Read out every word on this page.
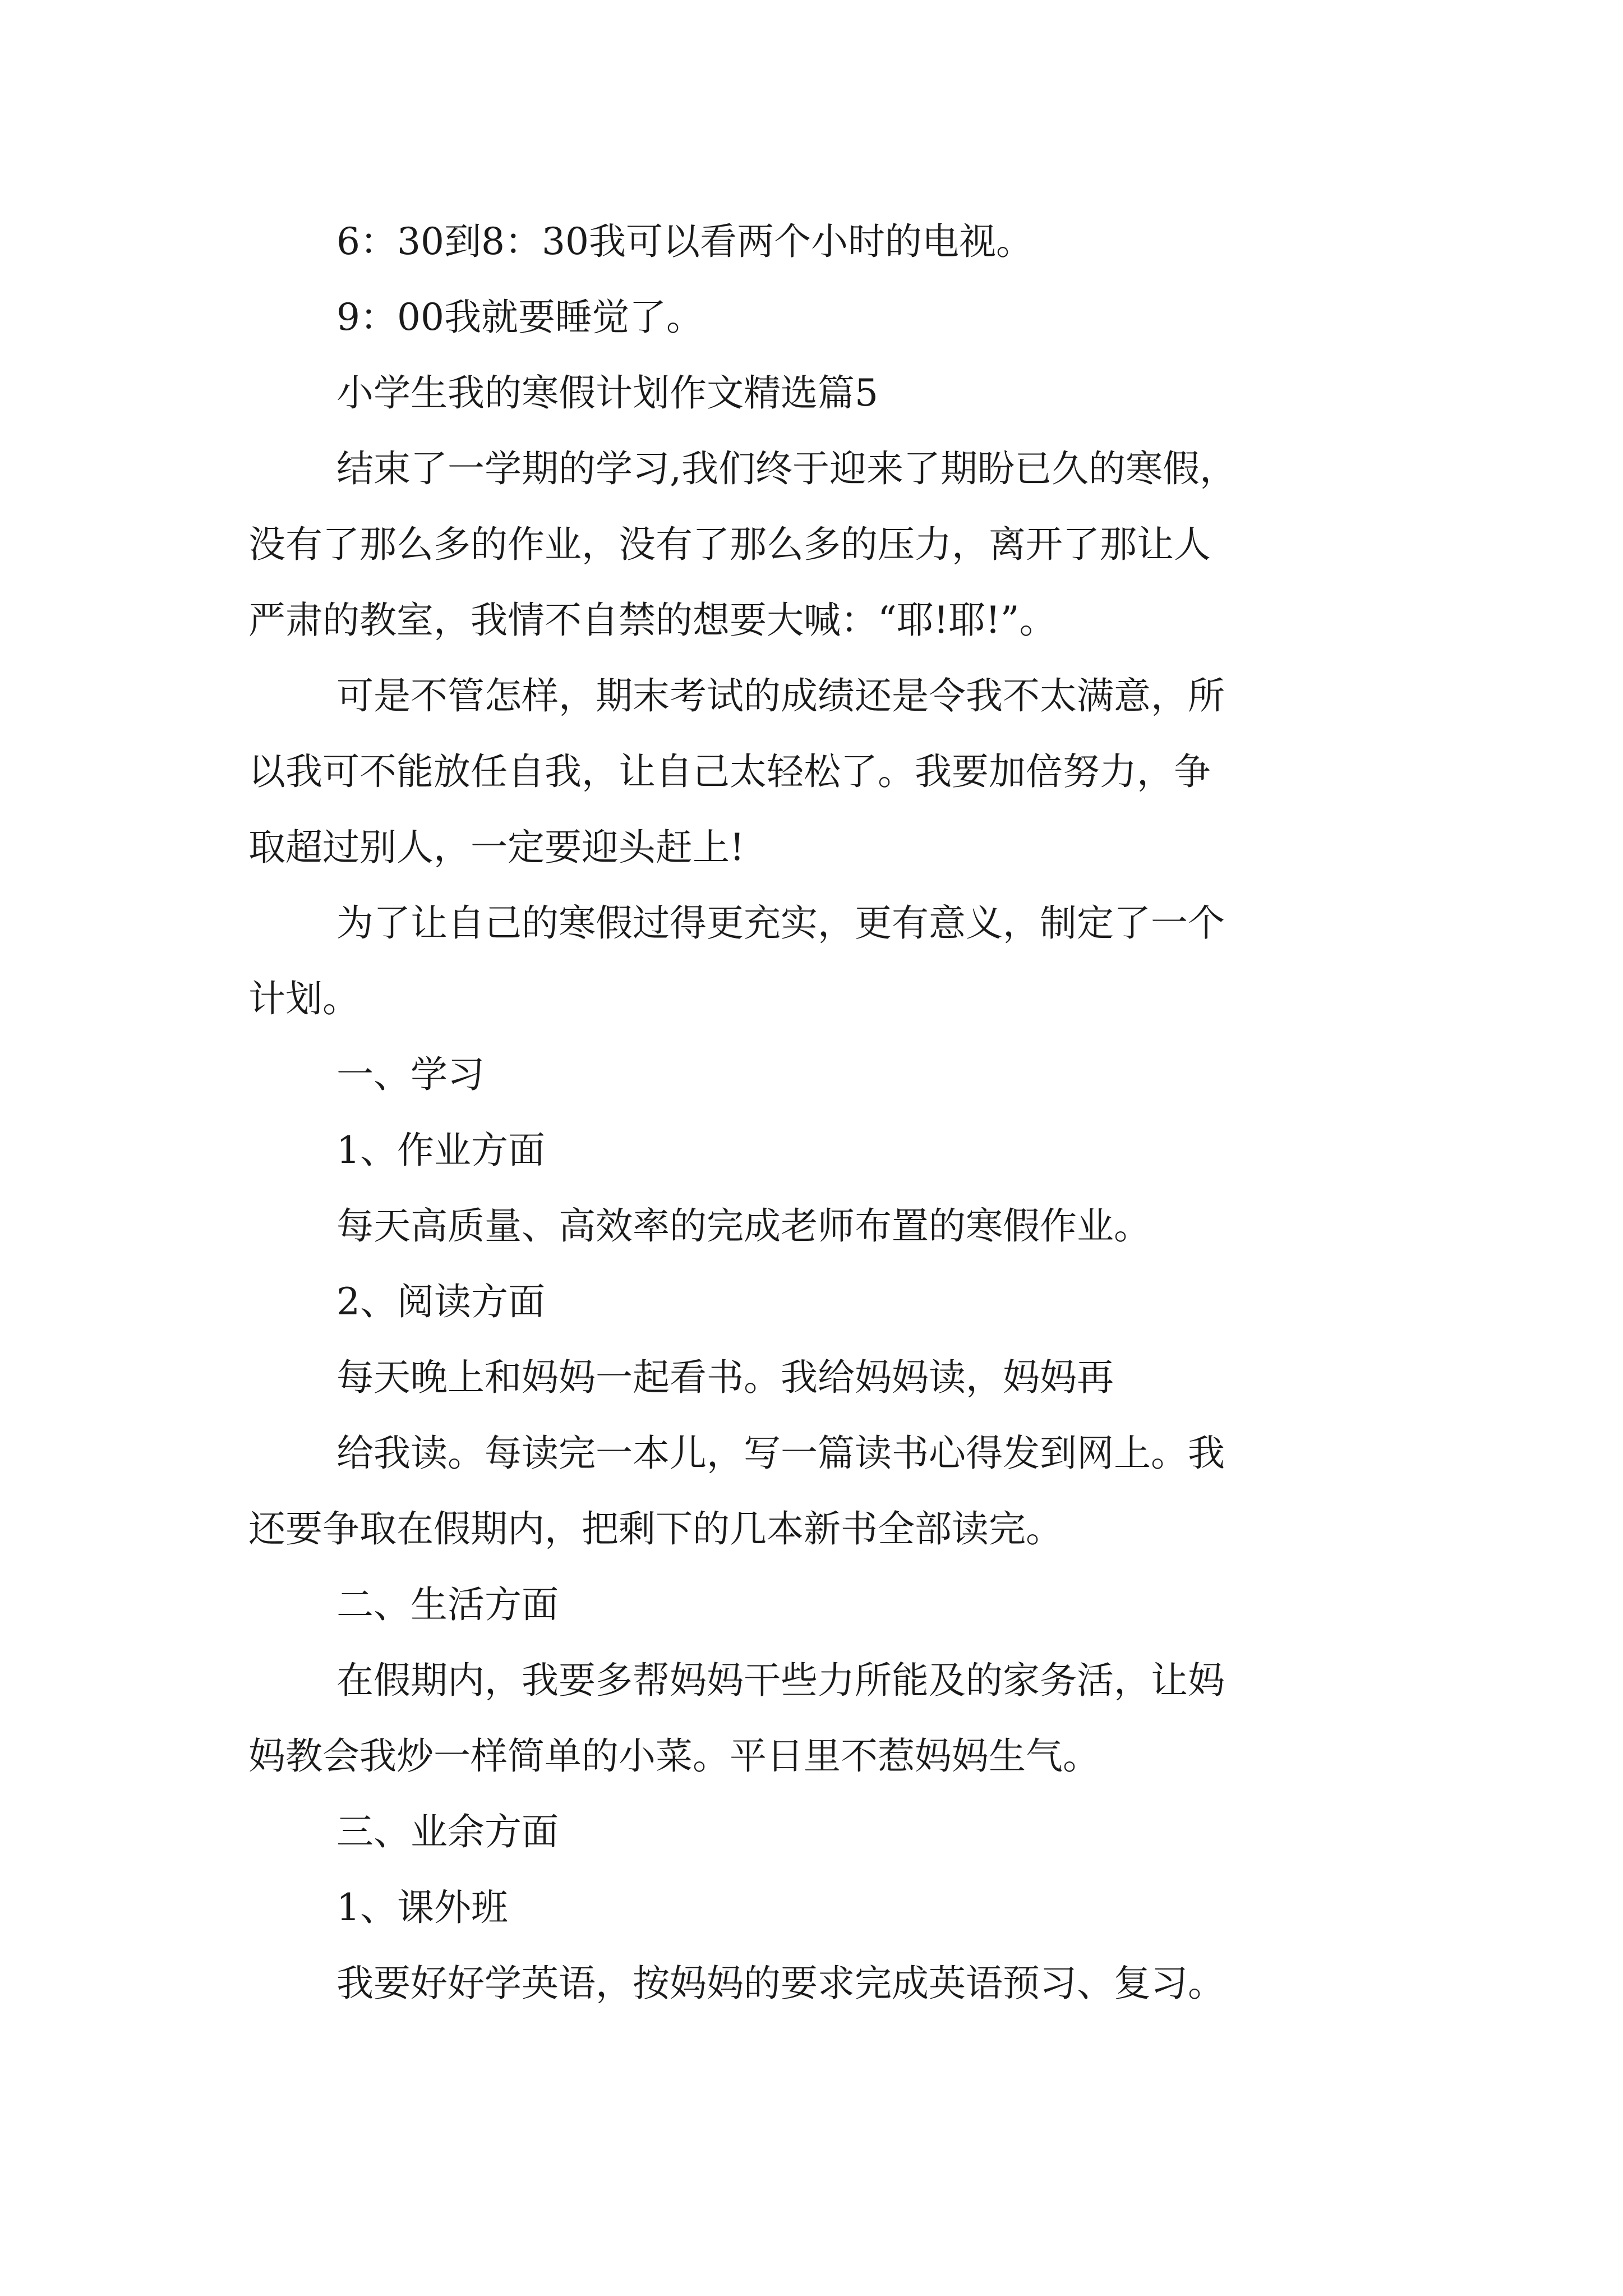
6：30到8：30我可以看两个小时的电视。

9：00我就要睡觉了。

小学生我的寒假计划作文精选篇5

结束了一学期的学习,我们终于迎来了期盼已久的寒假，

没有了那么多的作业，没有了那么多的压力，离开了那让人

严肃的教室，我情不自禁的想要大喊：“耶!耶!”。

可是不管怎样，期末考试的成绩还是令我不太满意，所

以我可不能放任自我，让自己太轻松了。我要加倍努力，争

取超过别人，一定要迎头赶上!

为了让自己的寒假过得更充实，更有意义，制定了一个

计划。

一、学习

1、作业方面

每天高质量、高效率的完成老师布置的寒假作业。

2、阅读方面

每天晚上和妈妈一起看书。我给妈妈读，妈妈再

给我读。每读完一本儿，写一篇读书心得发到网上。我

还要争取在假期内，把剩下的几本新书全部读完。

二、生活方面

在假期内，我要多帮妈妈干些力所能及的家务活，让妈

妈教会我炒一样简单的小菜。平日里不惹妈妈生气。

三、业余方面

1、课外班

我要好好学英语，按妈妈的要求完成英语预习、复习。
